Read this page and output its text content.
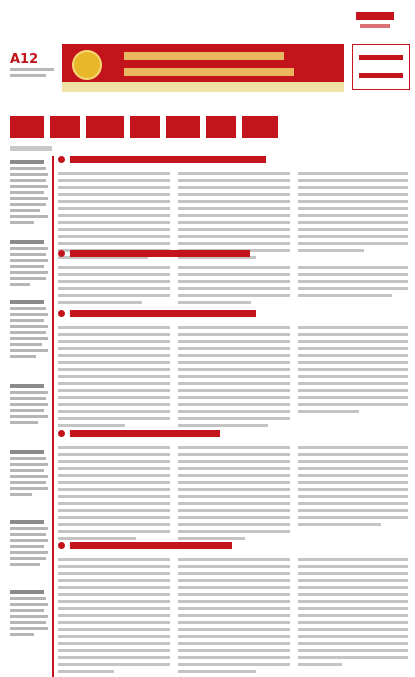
A12
